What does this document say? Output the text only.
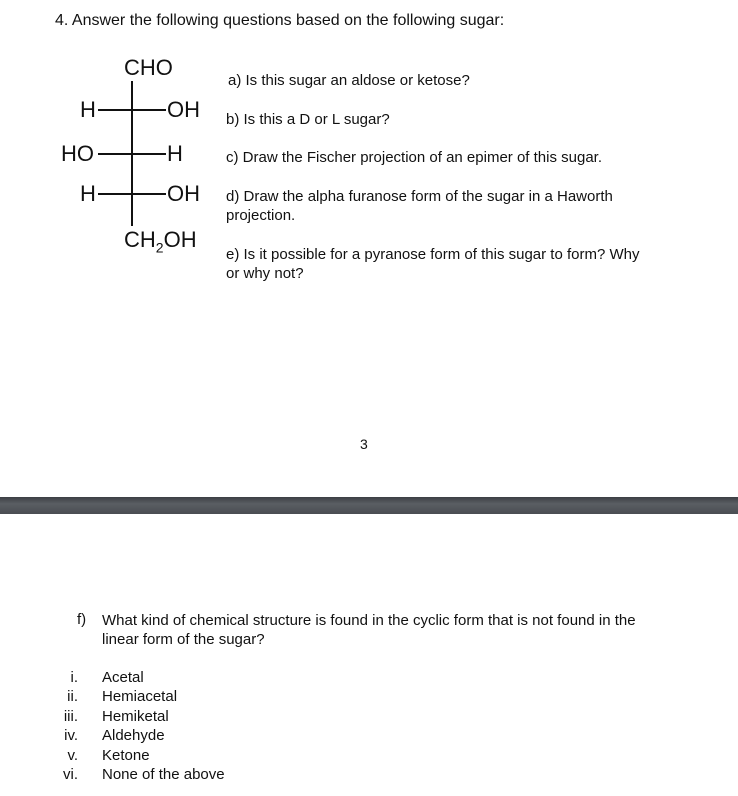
4. Answer the following questions based on the following sugar:
CHO
H	OH
HO	H
H	OH
$CH_2OH$
a) Is this sugar an aldose or ketose?
b) Is this a D or L sugar?
c) Draw the Fischer projection of an epimer of this sugar.
d) Draw the alpha furanose form of the sugar in a Haworth
projection.
e) Is it possible for a pyranose form of this sugar to form? Why
or why not?
3
f) What kind of chemical structure is found in the cyclic form that is not found in the
linear form of the sugar?
i. Acetal
ii. Hemiacetal
iii. Hemiketal
iv. Aldehyde
v. Ketone
vi. None of the above
